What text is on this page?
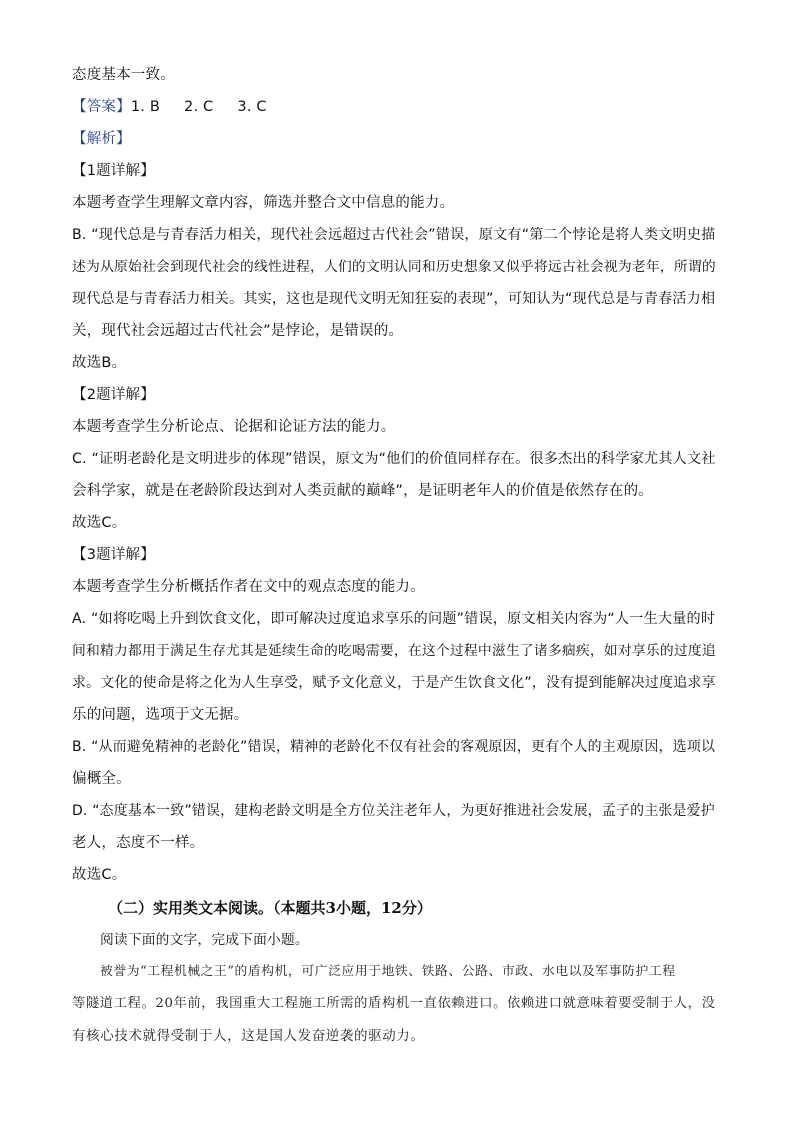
态度基本一致。
【答案】1. B 2. C 3. C
【解析】
【1题详解】
本题考查学生理解文章内容，筛选并整合文中信息的能力。
B. “现代总是与青春活力相关，现代社会远超过古代社会”错误，原文有“第二个悖论是将人类文明史描
述为从原始社会到现代社会的线性进程，人们的文明认同和历史想象又似乎将远古社会视为老年，所谓的
现代总是与青春活力相关。其实，这也是现代文明无知狂妄的表现”，可知认为“现代总是与青春活力相
关，现代社会远超过古代社会”是悖论，是错误的。
故选B。
【2题详解】
本题考查学生分析论点、论据和论证方法的能力。
C. “证明老龄化是文明进步的体现”错误，原文为“他们的价值同样存在。很多杰出的科学家尤其人文社
会科学家，就是在老龄阶段达到对人类贡献的巅峰”，是证明老年人的价值是依然存在的。
故选C。
【3题详解】
本题考查学生分析概括作者在文中的观点态度的能力。
A. “如将吃喝上升到饮食文化，即可解决过度追求享乐的问题”错误，原文相关内容为“人一生大量的时
间和精力都用于满足生存尤其是延续生命的吃喝需要，在这个过程中滋生了诸多痼疾，如对享乐的过度追
求。文化的使命是将之化为人生享受，赋予文化意义，于是产生饮食文化”，没有提到能解决过度追求享
乐的问题，选项于文无据。
B. “从而避免精神的老龄化”错误，精神的老龄化不仅有社会的客观原因，更有个人的主观原因，选项以
偏概全。
D. “态度基本一致”错误，建构老龄文明是全方位关注老年人，为更好推进社会发展，孟子的主张是爱护
老人，态度不一样。
故选C。
（二）实用类文本阅读。（本题共3小题，12分）
阅读下面的文字，完成下面小题。
被誉为“工程机械之王”的盾构机，可广泛应用于地铁、铁路、公路、市政、水电以及军事防护工程
等隧道工程。20年前，我国重大工程施工所需的盾构机一直依赖进口。依赖进口就意味着要受制于人，没
有核心技术就得受制于人，这是国人发奋逆袭的驱动力。
